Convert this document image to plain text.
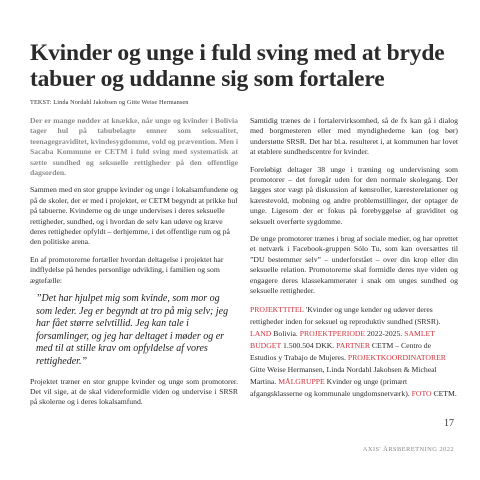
Kvinder og unge i fuld sving med at bryde tabuer og uddanne sig som fortalere
TEKST: Linda Nordahl Jakobsen og Gitte Weise Hermansen

Der er mange nødder at knække, når unge og kvinder i Bolivia tager hul på tabubelagte emner som seksualitet, teenagegraviditet, kvindesygdomme, vold og prævention. Men i Sacaba Kommune er CETM i fuld sving med systematisk at sætte sundhed og seksuelle rettigheder på den offentlige dagsorden.

Sammen med en stor gruppe kvinder og unge i lokalsamfundene og på de skoler, der er med i projektet, er CETM begyndt at prikke hul på tabuerne. Kvinderne og de unge undervises i deres seksuelle rettigheder, sundhed, og i hvordan de selv kan udøve og kræve deres rettigheder opfyldt – derhjemme, i det offentlige rum og på den politiske arena.

En af promotorerne fortæller hvordan deltagelse i projektet har indflydelse på hendes personlige udvikling, i familien og som ægtefælle:

”Det har hjulpet mig som kvinde, som mor og som leder. Jeg er begyndt at tro på mig selv; jeg har fået større selvtillid. Jeg kan tale i forsamlinger, og jeg har deltaget i møder og er med til at stille krav om opfyldelse af vores rettigheder.”

Projektet træner en stor gruppe kvinder og unge som promotorer. Det vil sige, at de skal videreformidle viden og undervise i SRSR på skolerne og i deres lokalsamfund.

Samtidig trænes de i fortalervirksomhed, så de fx kan gå i dialog med borgmesteren eller med myndighederne kan (og bør) understøtte SRSR. Det har bl.a. resulteret i, at kommunen har lovet at etablere sundhedscentre for kvinder.

Foreløbigt deltager 38 unge i træning og undervisning som promotorer – det foregår uden for den normale skolegang. Der lægges stor vægt på diskussion af kønsroller, kæresterelationer og kærestevold, mobning og andre problemstillinger, der optager de unge. Ligesom der er fokus på forebyggelse af graviditet og seksuelt overførte sygdomme.

De unge promotorer trænes i brug af sociale medier, og har oprettet et netværk i Facebook-gruppen Sólo Tu, som kan oversættes til ”DU bestemmer selv” – underforstået – over din krop eller din seksuelle relation. Promotorerne skal formidle deres nye viden og engagere deres klassekammerater i snak om unges sundhed og seksuelle rettigheder.

PROJEKTTITEL 'Kvinder og unge kender og udøver deres rettigheder inden for seksuel og reproduktiv sundhed (SRSR). LAND Bolivia. PROJEKTPERIODE 2022-2025. SAMLET BUDGET 1.500.504 DKK. PARTNER CETM – Centro de Estudios y Trabajo de Mujeres. PROJEKTKOORDINATORER Gitte Weise Hermansen, Linda Nordahl Jakobsen & Micheal Martina. MÅLGRUPPE Kvinder og unge (primært afgangsklasserne og kommunale ungdomsnetværk). FOTO CETM.
17
AXIS' ÅRSBERETNING 2022
